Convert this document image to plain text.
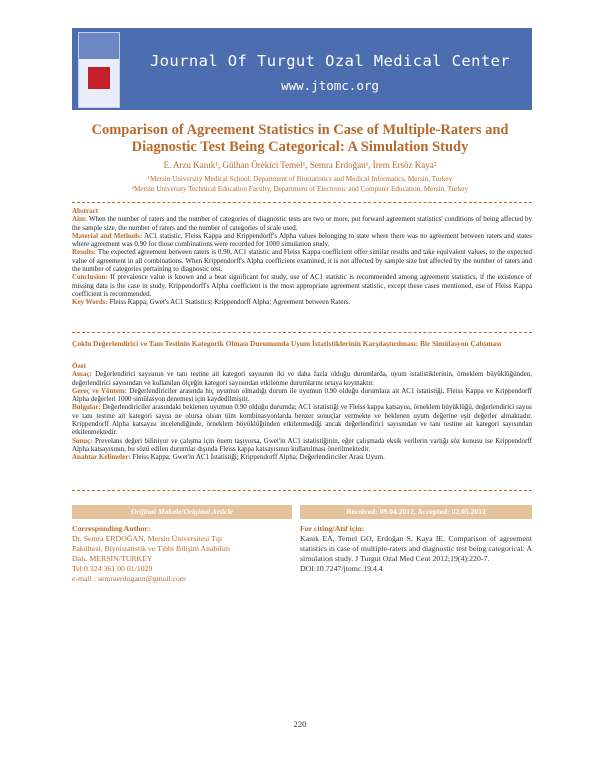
Journal Of Turgut Ozal Medical Center
www.jtomc.org
Comparison of Agreement Statistics in Case of Multiple-Raters and Diagnostic Test Being Categorical: A Simulation Study
E. Arzu Kanık¹, Gülhan Örekici Temel¹, Semra Erdoğan¹, İrem Ersöz Kaya²
¹Mersin University Medical School, Department of Biostatistics and Medical Informatics, Mersin, Turkey
²Mersin University Technical Education Faculty, Department of Electronic and Computer Education, Mersin, Turkey
Abstract
Aim: When the number of raters and the number of categories of diagnostic tests are two or more, put forward agreement statistics' conditions of being affected by the sample size, the number of raters and the number of categories of scale used.
Material and Methods: AC1 statistic, Fleiss Kappa and Krippendorff's Alpha values belonging to state where there was no agreement between raters and states where agreement was 0.90 for those combinations were recorded for 1000 simulation study.
Results: The expected agreement between raters is 0.90, AC1 statistic and Fleiss Kappa coefficient offer similar results and take equivalent values, to the expected value of agreement in all combinations. When Krippendorff's Alpha coefficient examined, it is not affected by sample size but affected by the number of raters and the number of categories pertaining to diagnostic test.
Conclusion: If prevalence value is known and a beat significant for study, use of AC1 statistic is recommended among agreement statistics, if the existence of missing data is the case in study, Krippendorff's Alpha coefficient is the most appropriate agreement statistic, except these cases mentioned, use of Fleiss Kappa coefficient is recommended.
Key Words: Fleiss Kappa; Gwet's AC1 Statistics; Krippendorff Alpha; Agreement between Raters.
Çoklu Değerlendirici ve Tanı Testinin Kategorik Olması Durumunda Uyum İstatistiklerinin Karşılaştırılması: Bir Simülasyon Çalışması
Özet
Amaç: Değerlendirici sayısının ve tanı testine ait kategori sayısının iki ve daha fazla olduğu durumlarda, uyum istatistiklerinin, örneklem büyüklüğünden, değerlendirici sayısından ve kullanılan ölçeğin kategori sayısından etkilenme durumlarını ortaya koymaktır.
Gereç ve Yöntem: Değerlendiriciler arasında hiç uyumun olmadığı durum ile uyumun 0.90 olduğu durumlara ait AC1 istatistiği, Fleiss Kappa ve Krippendorff Alpha değerleri 1000 simülasyon denemesi için kaydedilmiştir.
Bulgular: Değerlendiriciler arasındaki beklenen uyumun 0.90 olduğu durumda; AC1 istatistiği ve Fleiss kappa katsayısı, örneklem büyüklüğü, değerlendirici sayısı ve tanı testine ait kategori sayısı ne olursa olsun tüm kombinasyonlarda benzer sonuçlar vermekte ve beklenen uyum değerine eşit değerler almaktadır. Krippendorff Alpha katsayısı incelendiğinde, örneklem büyüklüğünden etkilenmediği ancak değerlendirici sayısından ve tanı testine ait kategori sayısından etkilenmektedir.
Sonuç: Prevelans değeri biliniyor ve çalışma için önem taşıyorsa, Gwet'in AC1 istatistiğinin, eğer çalışmada eksik verilerin varlığı söz konusu ise Krippendorff Alpha katsayısının, bu sözü edilen durumlar dışında Fleiss kappa katsayısının kullanılması önerilmektedir.
Anahtar Kelimeler: Fleiss Kappa; Gwet'in AC1 İstatistiği; Krippendorff Alpha; Değerlendiriciler Arası Uyum.
Orijinal Makale/Original Article	Received: 09.04.2012, Accepted: 02.05.2012
Corresponding Author:
Dr. Semra ERDOĞAN, Mersin Üniversitesi Tıp
Fakültesi, Biyoistatistik ve Tıbbi Bilişim Anabilim
Dalı, MERSİN/TURKEY
Tel:0 324 361 00 01/1029
e-mail : semraerdogann@gmail.com
For citing/Atıf için:
Kanık EA, Temel GO, Erdoğan S, Kaya IE. Comparison of agreement statistics in case of multiple-raters and diagnostic test being categorical: A simulation study. J Turgut Ozal Med Cent 2012;19(4):220-7.
DOI:10.7247/jtomc.19.4.4
220
